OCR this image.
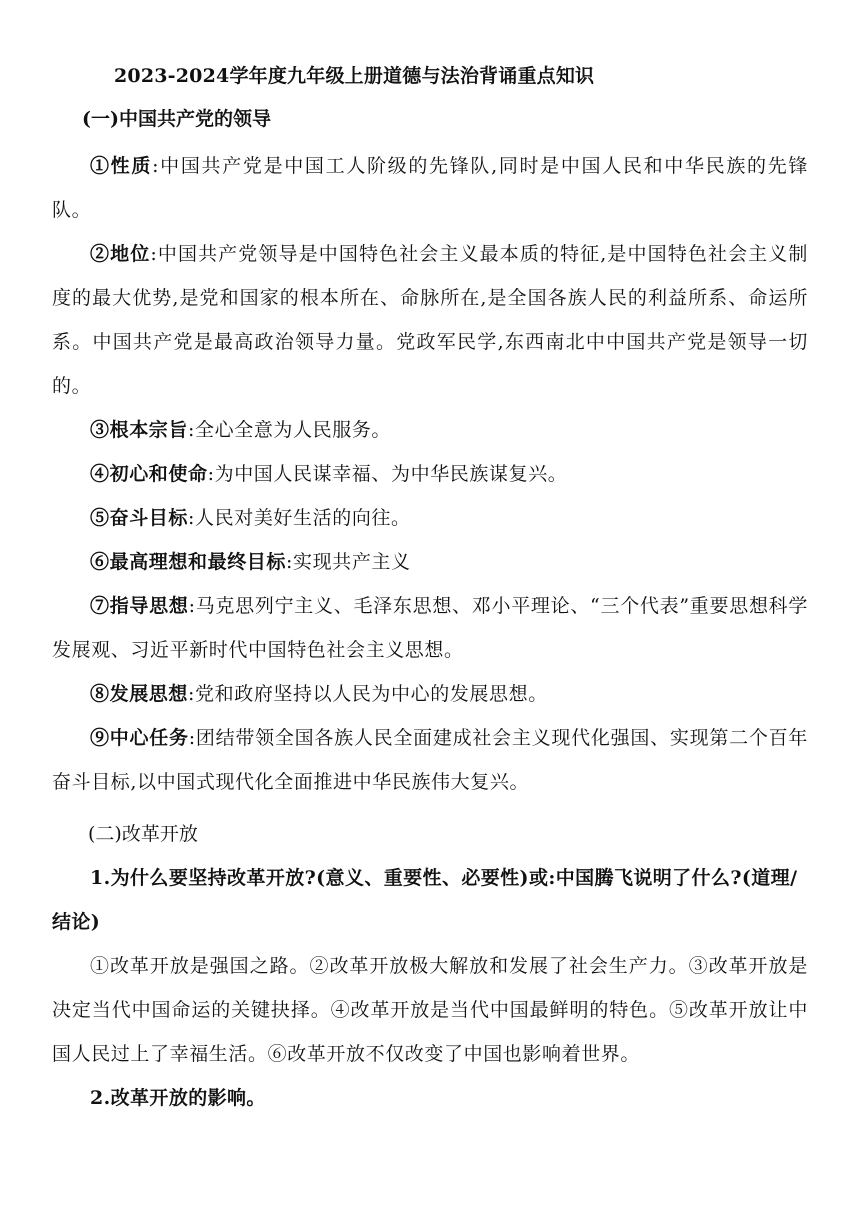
2023-2024学年度九年级上册道德与法治背诵重点知识
(一)中国共产党的领导

①性质:中国共产党是中国工人阶级的先锋队,同时是中国人民和中华民族的先锋队。

②地位:中国共产党领导是中国特色社会主义最本质的特征,是中国特色社会主义制度的最大优势,是党和国家的根本所在、命脉所在,是全国各族人民的利益所系、命运所系。中国共产党是最高政治领导力量。党政军民学,东西南北中中国共产党是领导一切的。

③根本宗旨:全心全意为人民服务。

④初心和使命:为中国人民谋幸福、为中华民族谋复兴。

⑤奋斗目标:人民对美好生活的向往。

⑥最高理想和最终目标:实现共产主义

⑦指导思想:马克思列宁主义、毛泽东思想、邓小平理论、“三个代表”重要思想科学发展观、习近平新时代中国特色社会主义思想。

⑧发展思想:党和政府坚持以人民为中心的发展思想。

⑨中心任务:团结带领全国各族人民全面建成社会主义现代化强国、实现第二个百年奋斗目标,以中国式现代化全面推进中华民族伟大复兴。

(二)改革开放

1.为什么要坚持改革开放?(意义、重要性、必要性)或:中国腾飞说明了什么?(道理/结论)

①改革开放是强国之路。②改革开放极大解放和发展了社会生产力。③改革开放是决定当代中国命运的关键抉择。④改革开放是当代中国最鲜明的特色。⑤改革开放让中国人民过上了幸福生活。⑥改革开放不仅改变了中国也影响着世界。

2.改革开放的影响。
